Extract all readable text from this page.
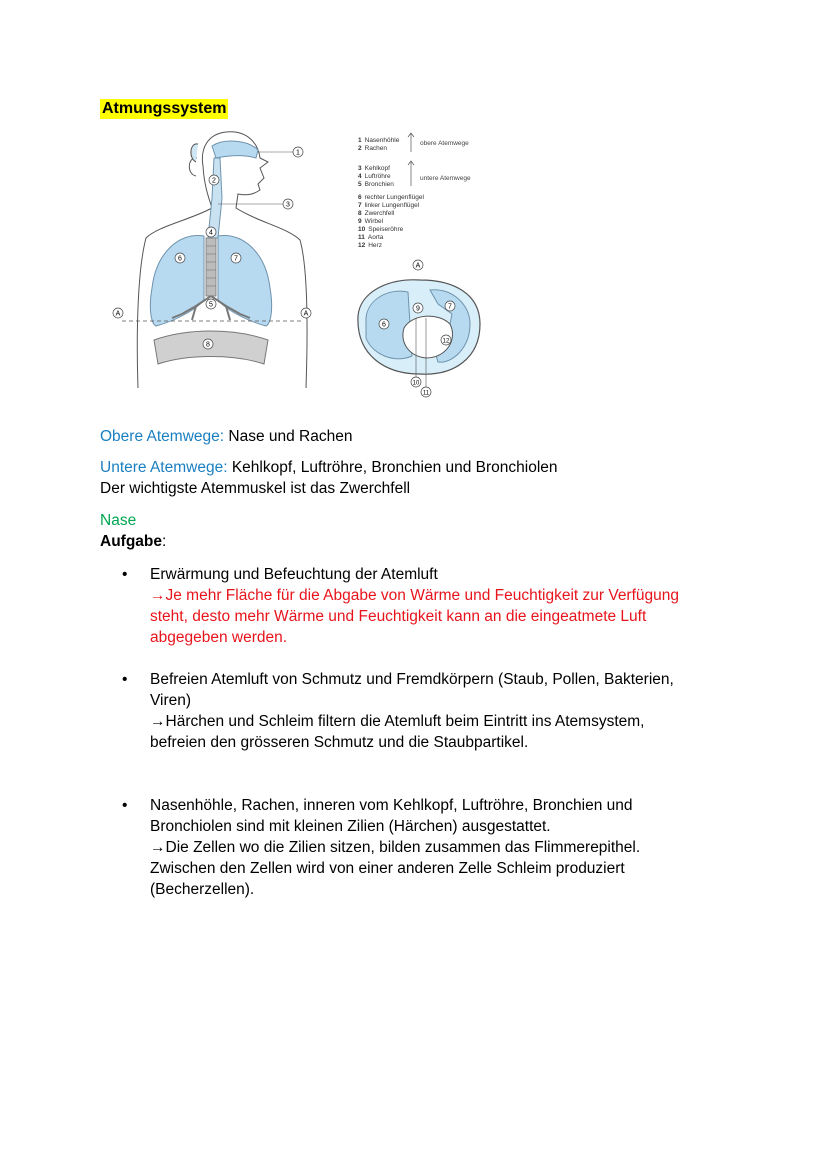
Atmungssystem
1
2
3
4
5
6	7
8
A	A
1 Nasenhöhle
2 Rachen
3 Kehlkopf
4 Luftröhre
5 Bronchien
6 rechter Lungenflügel
7 linker Lungenflügel
8 Zwerchfell
9 Wirbel
10 Speiseröhre
11 Aorta
12 Herz
obere Atemwege
untere Atemwege
A
6
7
9
10
11
12
Obere Atemwege: Nase und Rachen
Untere Atemwege: Kehlkopf, Luftröhre, Bronchien und Bronchiolen
Der wichtigste Atemmuskel ist das Zwerchfell
Nase
Aufgabe:
• Erwärmung und Befeuchtung der Atemluft

→Je mehr Fläche für die Abgabe von Wärme und Feuchtigkeit zur Verfügung

steht, desto mehr Wärme und Feuchtigkeit kann an die eingeatmete Luft

abgegeben werden.

• Befreien Atemluft von Schmutz und Fremdkörpern (Staub, Pollen, Bakterien,

Viren)

→Härchen und Schleim filtern die Atemluft beim Eintritt ins Atemsystem,

befreien den grösseren Schmutz und die Staubpartikel.

• Nasenhöhle, Rachen, inneren vom Kehlkopf, Luftröhre, Bronchien und

Bronchiolen sind mit kleinen Zilien (Härchen) ausgestattet.

→Die Zellen wo die Zilien sitzen, bilden zusammen das Flimmerepithel.

Zwischen den Zellen wird von einer anderen Zelle Schleim produziert

(Becherzellen).
